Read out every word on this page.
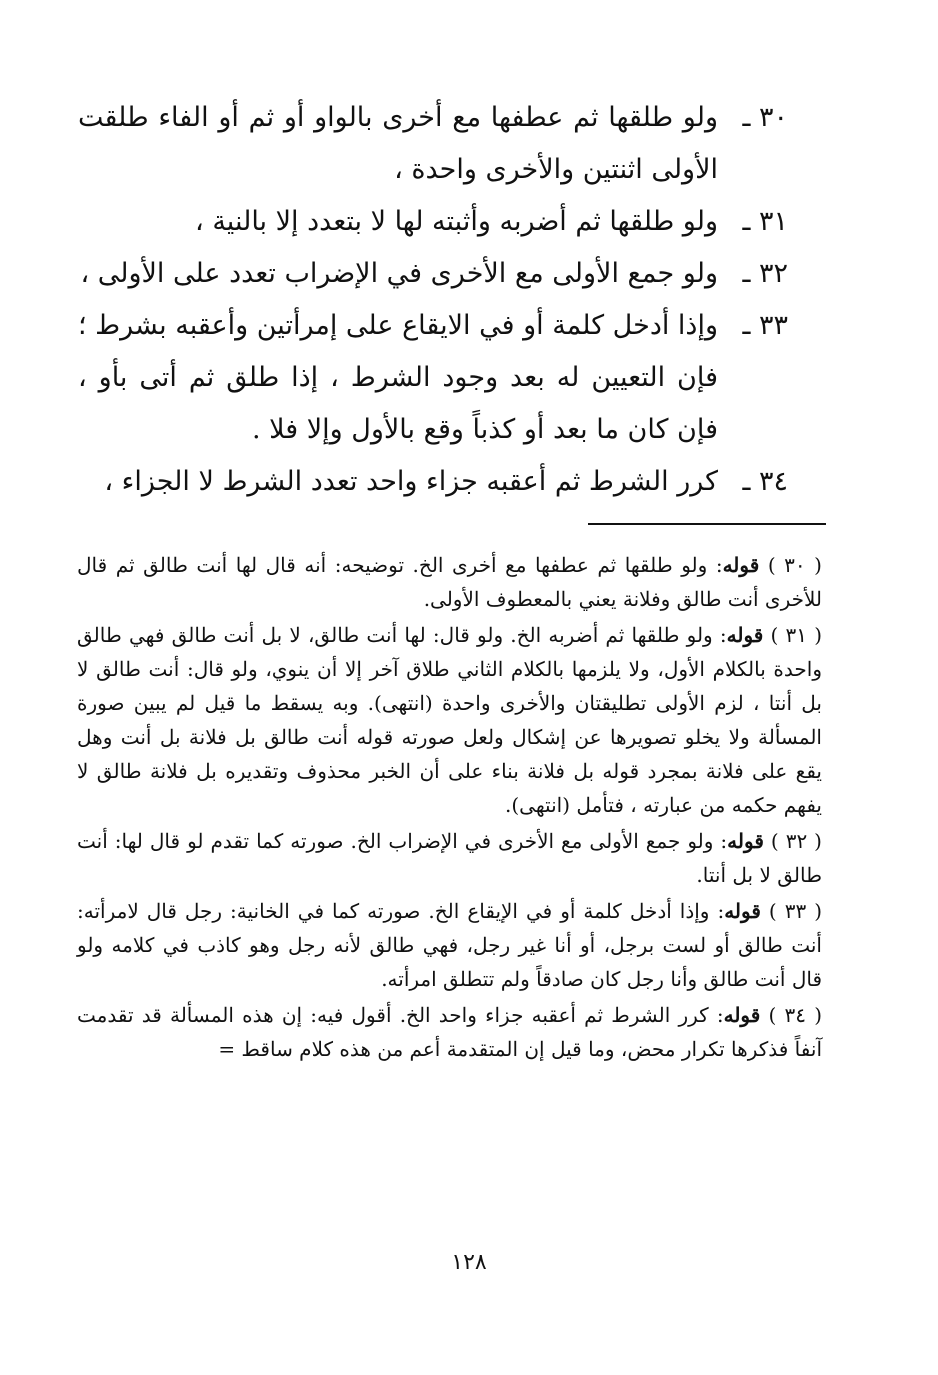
٣٠ ـ
ولو طلقها ثم عطفها مع أخرى بالواو أو ثم أو الفاء طلقت الأولى اثنتين والأخرى واحدة ،
٣١ ـ
ولو طلقها ثم أضربه وأثبته لها لا بتعدد إلا بالنية ،
٣٢ ـ
ولو جمع الأولى مع الأخرى في الإضراب تعدد على الأولى ،
٣٣ ـ
وإذا أدخل كلمة أو في الايقاع على إمرأتين وأعقبه بشرط ؛ فإن التعيين له بعد وجود الشرط ، إذا طلق ثم أتى بأو ، فإن كان ما بعد أو كذباً وقع بالأول وإلا فلا .
٣٤ ـ
كرر الشرط ثم أعقبه جزاء واحد تعدد الشرط لا الجزاء ،

( ٣٠ ) قوله: ولو طلقها ثم عطفها مع أخرى الخ. توضيحه: أنه قال لها أنت طالق ثم قال للأخرى أنت طالق وفلانة يعني بالمعطوف الأولى.

( ٣١ ) قوله: ولو طلقها ثم أضربه الخ. ولو قال: لها أنت طالق، لا بل أنت طالق فهي طالق واحدة بالكلام الأول، ولا يلزمها بالكلام الثاني طلاق آخر إلا أن ينوي، ولو قال: أنت طالق لا بل أنتا ، لزم الأولى تطليقتان والأخرى واحدة (انتهى). وبه يسقط ما قيل لم يبين صورة المسألة ولا يخلو تصويرها عن إشكال ولعل صورته قوله أنت طالق بل فلانة بل أنت وهل يقع على فلانة بمجرد قوله بل فلانة بناء على أن الخبر محذوف وتقديره بل فلانة طالق لا يفهم حكمه من عبارته ، فتأمل (انتهى).

( ٣٢ ) قوله: ولو جمع الأولى مع الأخرى في الإضراب الخ. صورته كما تقدم لو قال لها: أنت طالق لا بل أنتا.

( ٣٣ ) قوله: وإذا أدخل كلمة أو في الإيقاع الخ. صورته كما في الخانية: رجل قال لامرأته: أنت طالق أو لست برجل، أو أنا غير رجل، فهي طالق لأنه رجل وهو كاذب في كلامه ولو قال أنت طالق وأنا رجل كان صادقاً ولم تتطلق امرأته.

( ٣٤ ) قوله: كرر الشرط ثم أعقبه جزاء واحد الخ. أقول فيه: إن هذه المسألة قد تقدمت آنفاً فذكرها تكرار محض، وما قيل إن المتقدمة أعم من هذه كلام ساقط =

١٢٨
